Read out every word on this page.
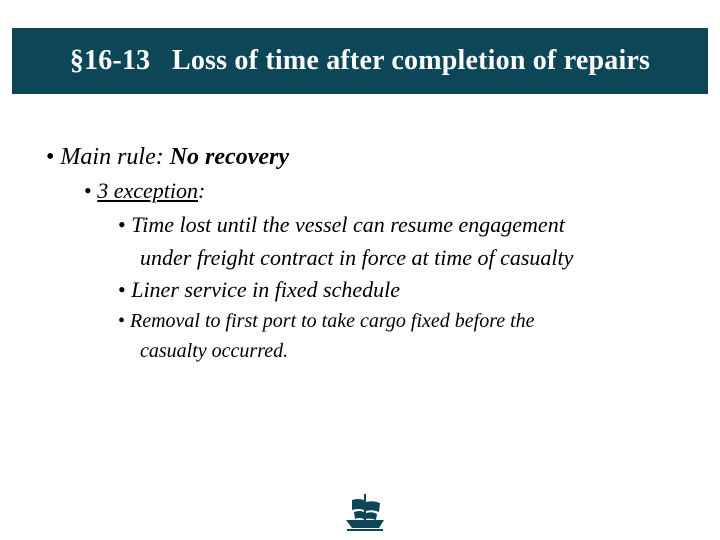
§16-13   Loss of time after completion of repairs
• Main rule: No recovery
• 3 exception:
• Time lost until the vessel can resume engagement
under freight contract in force at time of casualty
• Liner service in fixed schedule
• Removal to first port to take cargo fixed before the
casualty occurred.
